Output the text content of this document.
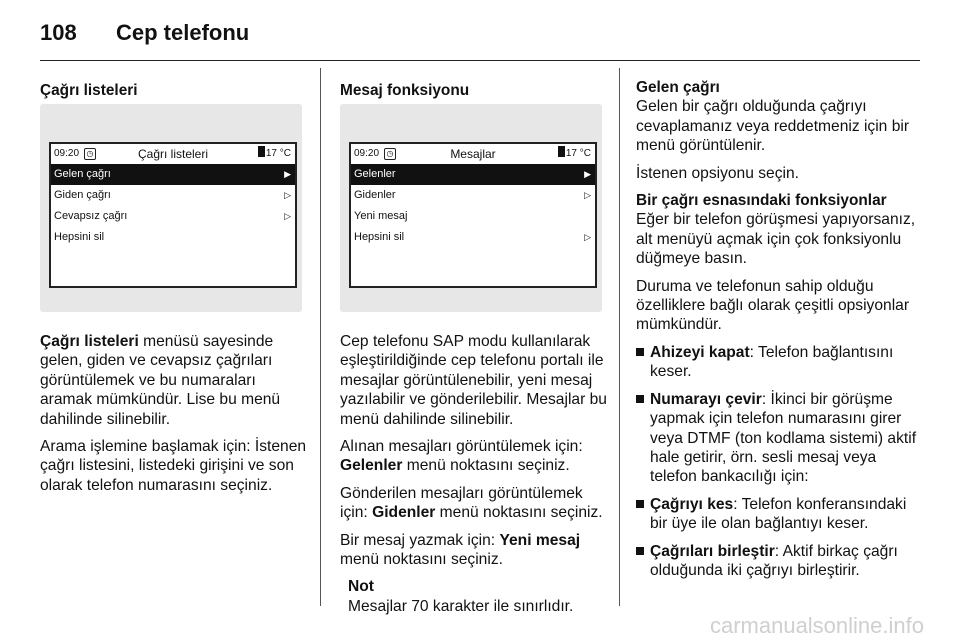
108 Cep telefonu
Çağrı listeleri
09:20 ◷	Çağrı listeleri	17 °C
Gelen çağrı	▶
Giden çağrı	▷
Cevapsız çağrı	▷
Hepsini sil

Çağrı listeleri menüsü sayesinde gelen, giden ve cevapsız çağrıları görüntülemek ve bu numaraları aramak mümkündür. Lise bu menü dahilinde silinebilir.

Arama işlemine başlamak için: İstenen çağrı listesini, listedeki girişini ve son olarak telefon numarasını seçiniz.

Mesaj fonksiyonu
09:20 ◷	Mesajlar	17 °C
Gelenler	▶
Gidenler	▷
Yeni mesaj
Hepsini sil	▷

Cep telefonu SAP modu kullanılarak eşleştirildiğinde cep telefonu portalı ile mesajlar görüntülenebilir, yeni mesaj yazılabilir ve gönderilebilir. Mesajlar bu menü dahilinde silinebilir.

Alınan mesajları görüntülemek için: Gelenler menü noktasını seçiniz.

Gönderilen mesajları görüntülemek için: Gidenler menü noktasını seçiniz.

Bir mesaj yazmak için: Yeni mesaj menü noktasını seçiniz.

Not
Mesajlar 70 karakter ile sınırlıdır.
Gelen çağrı

Gelen bir çağrı olduğunda çağrıyı cevaplamanız veya reddetmeniz için bir menü görüntülenir.

İstenen opsiyonu seçin.

Bir çağrı esnasındaki fonksiyonlar

Eğer bir telefon görüşmesi yapıyorsanız, alt menüyü açmak için çok fonksiyonlu düğmeye basın.

Duruma ve telefonun sahip olduğu özelliklere bağlı olarak çeşitli opsiyonlar mümkündür.

Ahizeyi kapat: Telefon bağlantısını keser.
Numarayı çevir: İkinci bir görüşme yapmak için telefon numarasını girer veya DTMF (ton kodlama sistemi) aktif hale getirir, örn. sesli mesaj veya telefon bankacılığı için:
Çağrıyı kes: Telefon konferansındaki bir üye ile olan bağlantıyı keser.
Çağrıları birleştir: Aktif birkaç çağrı olduğunda iki çağrıyı birleştirir.
carmanualsonline.info
